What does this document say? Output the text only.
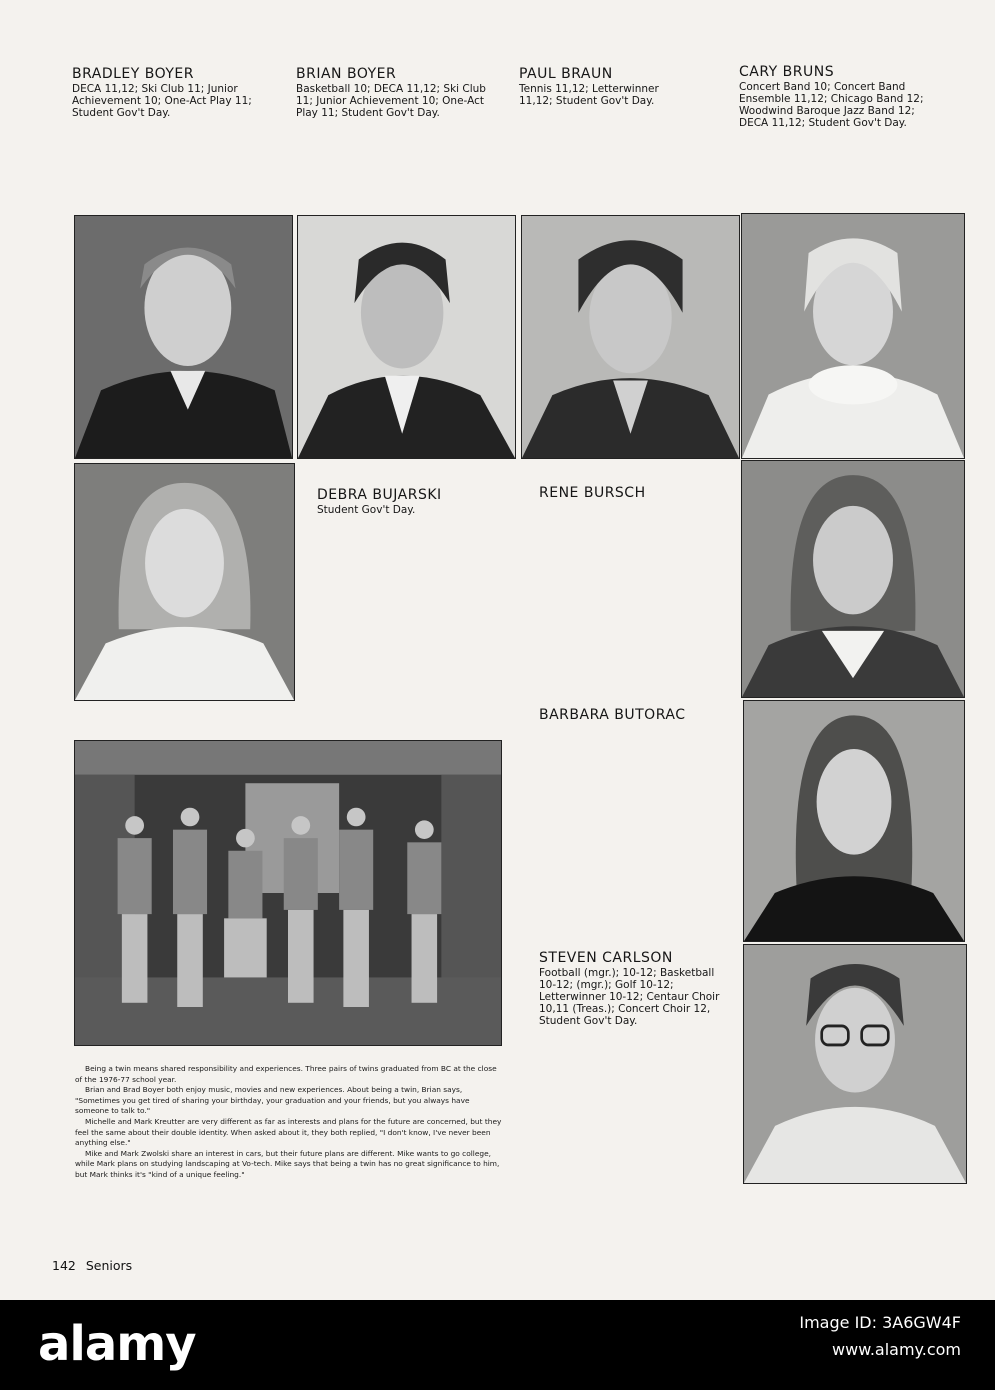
BRADLEY BOYER
DECA 11,12; Ski Club 11; Junior Achievement 10; One-Act Play 11; Student Gov't Day.
BRIAN BOYER
Basketball 10; DECA 11,12; Ski Club 11; Junior Achievement 10; One-Act Play 11; Student Gov't Day.
PAUL BRAUN
Tennis 11,12; Letterwinner 11,12; Student Gov't Day.
CARY BRUNS
Concert Band 10; Concert Band Ensemble 11,12; Chicago Band 12; Woodwind Baroque Jazz Band 12; DECA 11,12; Student Gov't Day.
DEBRA BUJARSKI
Student Gov't Day.
RENE BURSCH

Being a twin means shared responsibility and experiences. Three pairs of twins graduated from BC at the close of the 1976-77 school year.

Brian and Brad Boyer both enjoy music, movies and new experiences. About being a twin, Brian says, "Sometimes you get tired of sharing your birthday, your graduation and your friends, but you always have someone to talk to."

Michelle and Mark Kreutter are very different as far as interests and plans for the future are concerned, but they feel the same about their double identity. When asked about it, they both replied, "I don't know, I've never been anything else."

Mike and Mark Zwolski share an interest in cars, but their future plans are different. Mike wants to go college, while Mark plans on studying landscaping at Vo-tech. Mike says that being a twin has no great significance to him, but Mark thinks it's "kind of a unique feeling."

BARBARA BUTORAC
STEVEN CARLSON
Football (mgr.); 10-12; Basketball 10-12; (mgr.); Golf 10-12; Letterwinner 10-12; Centaur Choir 10,11 (Treas.); Concert Choir 12, Student Gov't Day.
142 Seniors
alamy	Image ID: 3A6GW4F
www.alamy.com
